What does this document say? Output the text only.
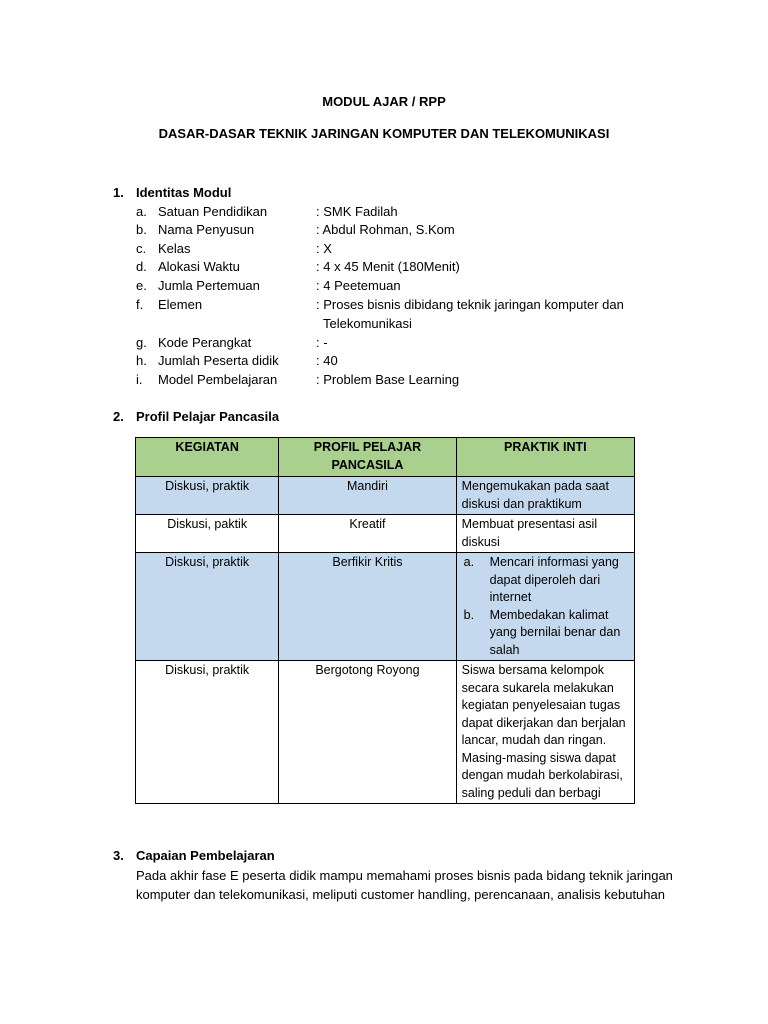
MODUL AJAR / RPP
DASAR-DASAR TEKNIK JARINGAN KOMPUTER DAN TELEKOMUNIKASI
1. Identitas Modul
a. Satuan Pendidikan	: SMK Fadilah
b. Nama Penyusun	: Abdul Rohman, S.Kom
c. Kelas	: X
d. Alokasi Waktu	: 4 x 45 Menit (180Menit)
e. Jumla Pertemuan	: 4 Peetemuan
f. Elemen	: Proses bisnis dibidang teknik jaringan komputer dan
Telekomunikasi
g. Kode Perangkat	: -
h. Jumlah Peserta didik	: 40
i. Model Pembelajaran	: Problem Base Learning
2. Profil Pelajar Pancasila
KEGIATAN	PROFIL PELAJAR PANCASILA	PRAKTIK INTI
Diskusi, praktik	Mandiri	Mengemukakan pada saat diskusi dan praktikum
Diskusi, paktik	Kreatif	Membuat presentasi asil diskusi
Diskusi, praktik	Berfikir Kritis	a. Mencari informasi yang dapat diperoleh dari internet
b. Membedakan kalimat yang bernilai benar dan salah

Diskusi, praktik	Bergotong Royong	Siswa bersama kelompok secara sukarela melakukan kegiatan penyelesaian tugas dapat dikerjakan dan berjalan lancar, mudah dan ringan. Masing-masing siswa dapat dengan mudah berkolabirasi, saling peduli dan berbagi
3. Capaian Pembelajaran
Pada akhir fase E peserta didik mampu memahami proses bisnis pada bidang teknik jaringan
komputer dan telekomunikasi, meliputi customer handling, perencanaan, analisis kebutuhan
